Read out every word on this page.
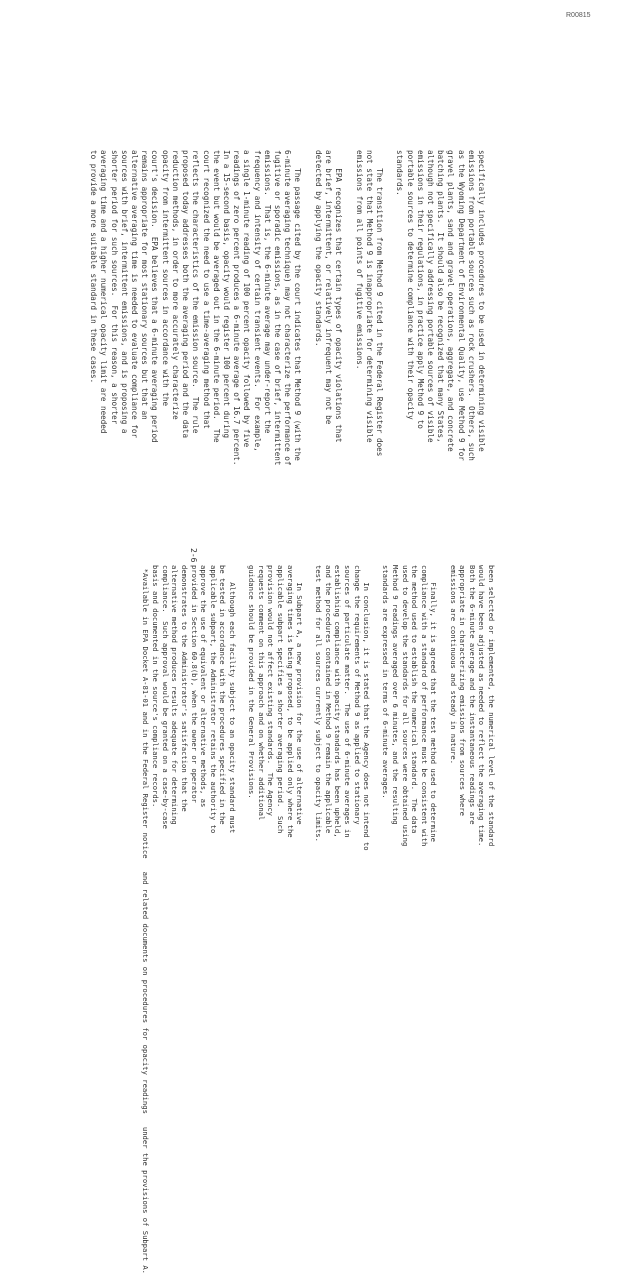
R00815
specifically includes procedures to be used in determining visible
emissions from portable sources such as rock crushers.  Others, such
as the Wyoming Department of Environmental Quality, use Method 9 for
gravel plants, sand and gravel operations, aggregate, and concrete
batching plants.  It should also be recognized that many States,
although not specifically addressing portable sources of visible
emissions in their regulations, in practice apply Method 9 to
portable sources to determine compliance with their opacity
standards.

The transition from Method 9 cited in the Federal Register does
not state that Method 9 is inappropriate for determining visible
emissions from all points of fugitive emissions.

EPA recognizes that certain types of opacity violations that
are brief, intermittent, or relatively infrequent may not be
detected by applying the opacity standards.

The passage cited by the court indicates that Method 9 (with the
6-minute averaging technique) may not characterize the performance of
fugitive or sporadic emissions, as in the case of brief, intermittent
emissions.  That is, the 6-minute average may under-report the
frequency and intensity of certain transient events.  For example,
a single 1-minute reading of 100 percent opacity followed by five
readings of zero percent produces a 6-minute average of 16.7 percent.
In a 15-second basis, opacity would register 100 percent during
the event but would be averaged out in the 6-minute period.  The
court recognized the need to use a time-averaging method that
reflects the characteristics of the emission source.  The rule
proposed today addresses both the averaging period and the data
reduction methods, in order to more accurately characterize
opacity from intermittent sources in accordance with the
court's decision.  EPA believes that a 6-minute averaging period
remains appropriate for most stationary sources but that an
alternative averaging time is needed to evaluate compliance for
sources with brief, intermittent emissions, and is proposing a
shorter period for such sources.  For this reason, a shorter
averaging time and a higher numerical opacity limit are needed
to provide a more suitable standard in these cases.
been selected or implemented, the numerical level of the standard
would have been adjusted as needed to reflect the averaging time.
Both the 6-minute average and the instantaneous readings are
appropriate in characterizing emissions from sources where
emissions are continuous and steady in nature.

Finally, it is agreed that the test method used to determine
compliance with a standard of performance must be consistent with
the method used to establish the numerical standard.  The data
used to develop the standards for all sources were obtained using
Method 9 readings averaged over 6 minutes, and the resulting
standards are expressed in terms of 6-minute averages.

In conclusion, it is stated that the Agency does not intend to
change the requirements of Method 9 as applied to stationary
sources of particulate matter.  The use of 6-minute averages in
establishing compliance with opacity standards has been upheld,
and the procedures contained in Method 9 remain the applicable
test method for all sources currently subject to opacity limits.

In Subpart A, a new provision for the use of alternative
averaging times is being proposed, to be applied only where the
applicable subpart specifies a shorter averaging period.  Such
provision would not affect existing standards.  The Agency
requests comment on this approach and on whether additional
guidance should be provided in the General Provisions.

Although each facility subject to an opacity standard must
be tested in accordance with the procedures specified in the
applicable subpart, the Administrator retains the authority to
approve the use of equivalent or alternative methods, as
provided in Section 60.8(b), when the owner or operator
demonstrates to the Administrator's satisfaction that the
alternative method produces results adequate for determining
compliance.  Such approval would be granted on a case-by-case
basis and documented in the source's compliance records.
*Available in EPA Docket A-81-01 and in the Federal Register notice   and related documents on procedures for opacity readings   under the provisions of Subpart A.
2-6
